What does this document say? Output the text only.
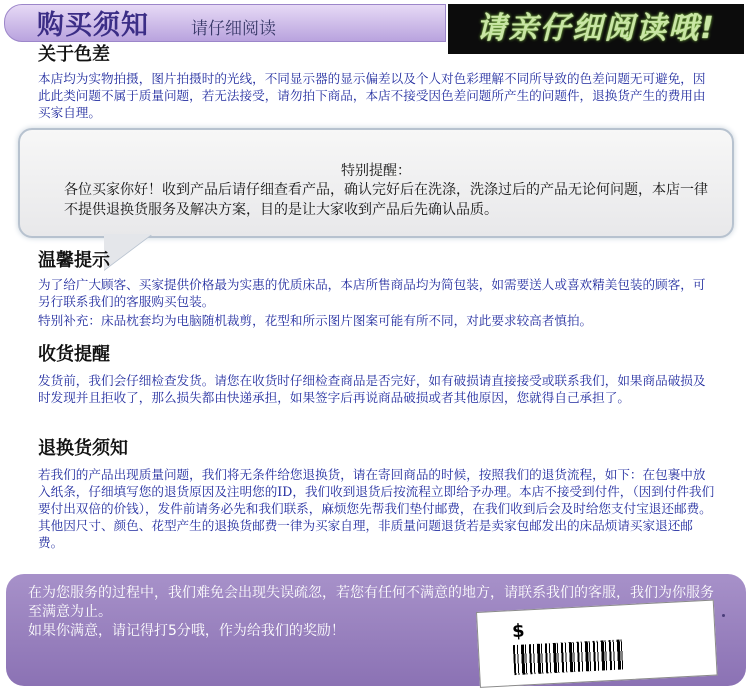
购买须知 请仔细阅读	请亲仔细阅读哦!
关于色差
本店均为实物拍摄，图片拍摄时的光线，不同显示器的显示偏差以及个人对色彩理解不同所导致的色差问题无可避免，因此此类问题不属于质量问题，若无法接受，请勿拍下商品，本店不接受因色差问题所产生的问题件，退换货产生的费用由买家自理。
特别提醒：
各位买家你好！收到产品后请仔细查看产品，确认完好后在洗涤，洗涤过后的产品无论何问题，本店一律不提供退换货服务及解决方案，目的是让大家收到产品后先确认品质。
温馨提示
为了给广大顾客、买家提供价格最为实惠的优质床品，本店所售商品均为简包装，如需要送人或喜欢精美包装的顾客，可另行联系我们的客服购买包装。
特别补充：床品枕套均为电脑随机裁剪，花型和所示图片图案可能有所不同，对此要求较高者慎拍。
收货提醒
发货前，我们会仔细检查发货。请您在收货时仔细检查商品是否完好，如有破损请直接接受或联系我们，如果商品破损及时发现并且拒收了，那么损失都由快递承担，如果签字后再说商品破损或者其他原因，您就得自己承担了。
退换货须知
若我们的产品出现质量问题，我们将无条件给您退换货，请在寄回商品的时候，按照我们的退货流程，如下：在包裹中放入纸条，仔细填写您的退货原因及注明您的ID，我们收到退货后按流程立即给予办理。本店不接受到付件，（因到付件我们要付出双倍的价钱），发件前请务必先和我们联系，麻烦您先帮我们垫付邮费，在我们收到后会及时给您支付宝退还邮费。其他因尺寸、颜色、花型产生的退换货邮费一律为买家自理，非质量问题退货若是卖家包邮发出的床品烦请买家退还邮费。

在为您服务的过程中，我们难免会出现失误疏忽，若您有任何不满意的地方，请联系我们的客服，我们为你服务至满意为止。

如果你满意，请记得打5分哦，作为给我们的奖励！	$
